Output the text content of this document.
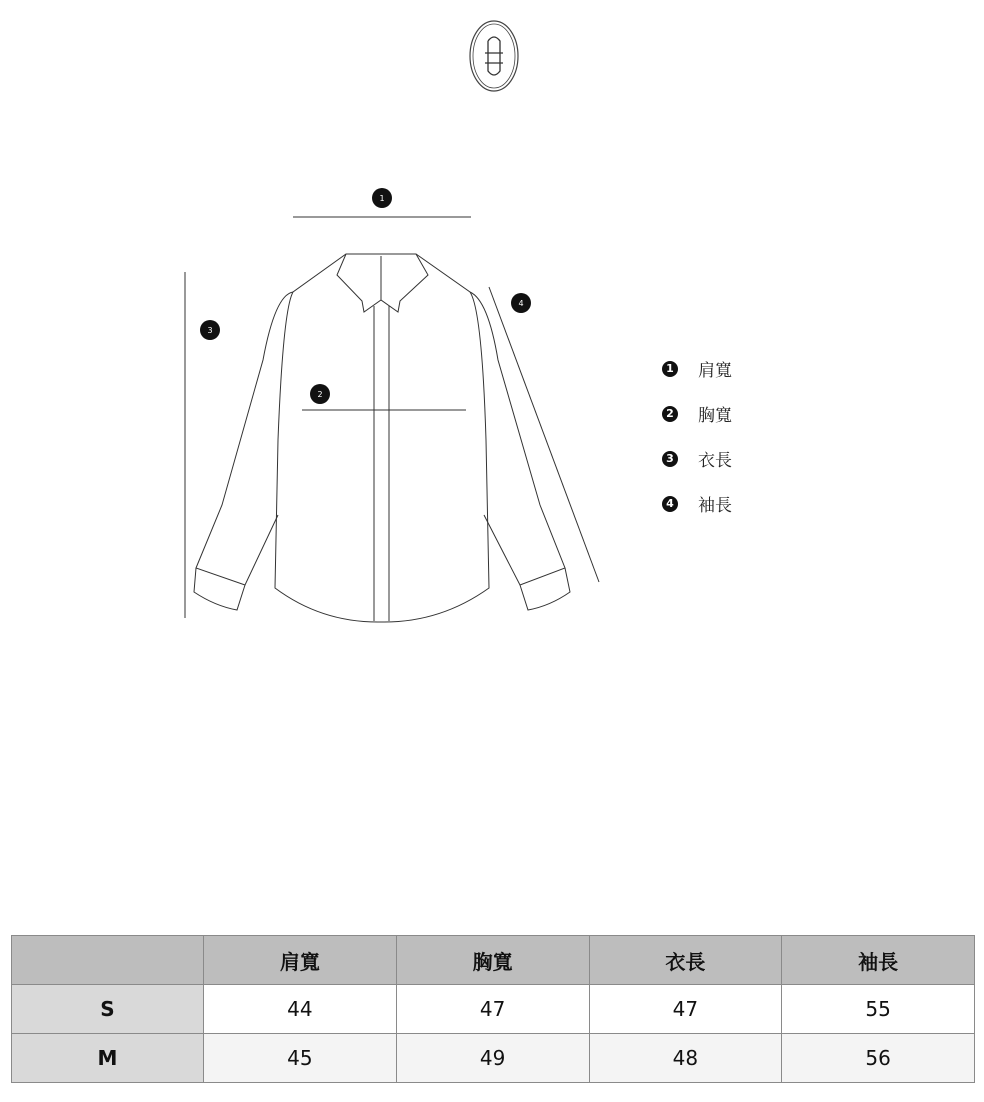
1
2
3
4
1 肩寬
2 胸寬
3 衣長
4 袖長
	肩寬	胸寬	衣長	袖長
S	44	47	47	55
M	45	49	48	56
